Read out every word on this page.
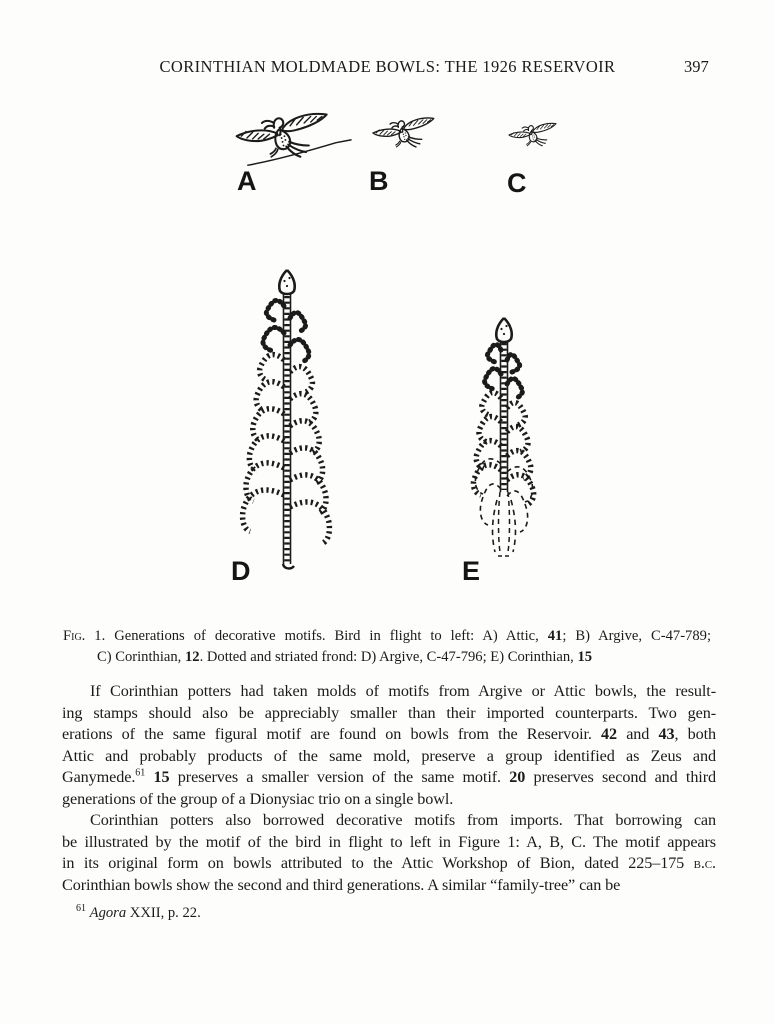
CORINTHIAN MOLDMADE BOWLS: THE 1926 RESERVOIR	397
A	B	C
D	E
Fig. 1. Generations of decorative motifs. Bird in flight to left: A) Attic, 41; B) Argive, C-47-789;
C) Corinthian, 12. Dotted and striated frond: D) Argive, C-47-796; E) Corinthian, 15
If Corinthian potters had taken molds of motifs from Argive or Attic bowls, the result-
ing stamps should also be appreciably smaller than their imported counterparts. Two gen-
erations of the same figural motif are found on bowls from the Reservoir. 42 and 43, both
Attic and probably products of the same mold, preserve a group identified as Zeus and
Ganymede.$^{61}$ 15 preserves a smaller version of the same motif. 20 preserves second and third
generations of the group of a Dionysiac trio on a single bowl.
Corinthian potters also borrowed decorative motifs from imports. That borrowing can
be illustrated by the motif of the bird in flight to left in Figure 1: A, B, C. The motif appears
in its original form on bowls attributed to the Attic Workshop of Bion, dated 225–175 b.c.
Corinthian bowls show the second and third generations. A similar “family-tree” can be
$^{61}$ Agora XXII, p. 22.
